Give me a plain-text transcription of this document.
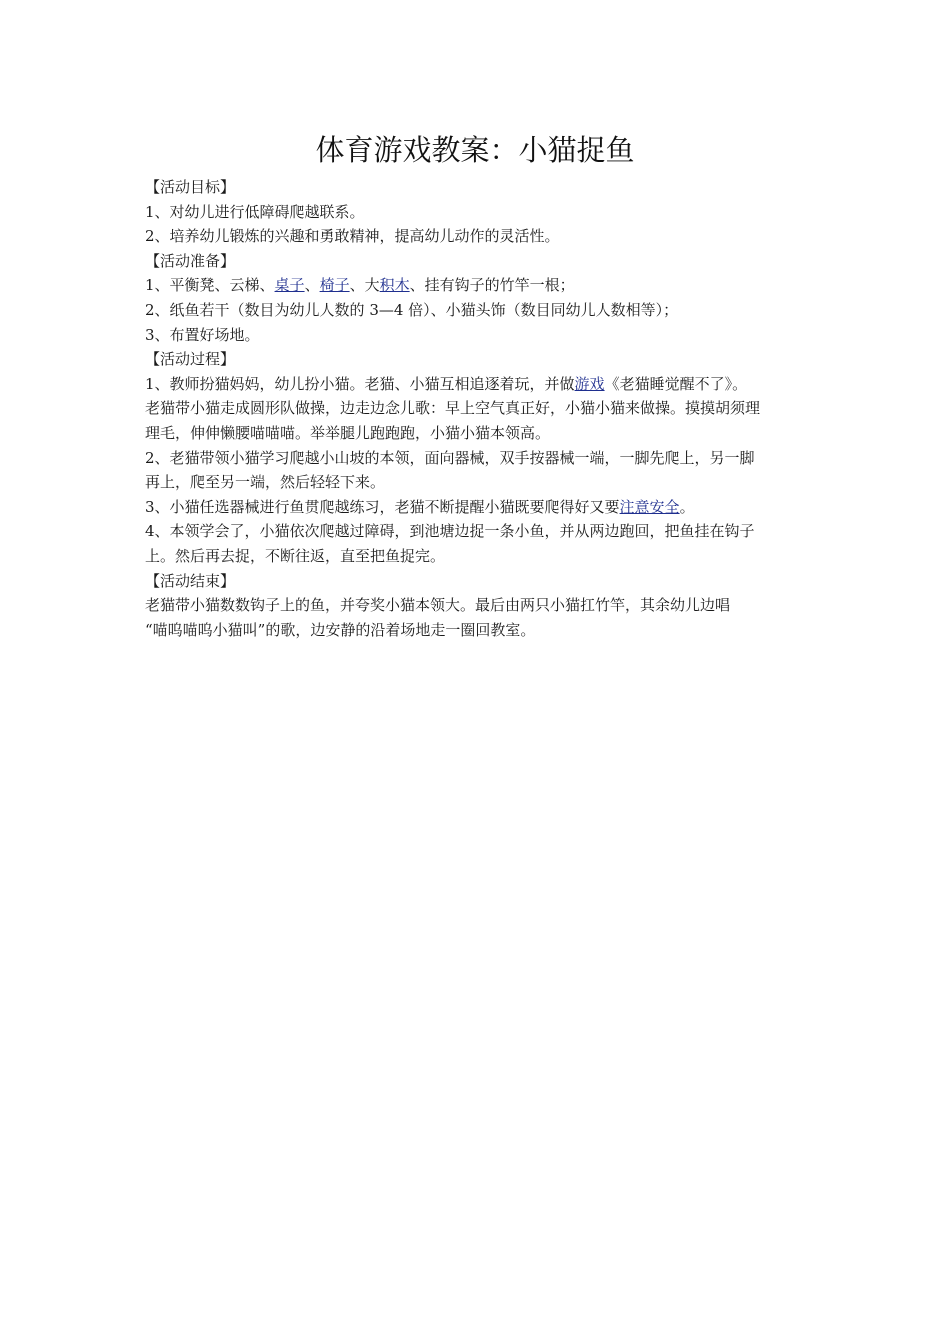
体育游戏教案：小猫捉鱼
【活动目标】
1、对幼儿进行低障碍爬越联系。
2、培养幼儿锻炼的兴趣和勇敢精神，提高幼儿动作的灵活性。
【活动准备】
1、平衡凳、云梯、桌子、椅子、大积木、挂有钩子的竹竿一根；
2、纸鱼若干（数目为幼儿人数的 3—4 倍）、小猫头饰（数目同幼儿人数相等）；
3、布置好场地。
【活动过程】
1、教师扮猫妈妈，幼儿扮小猫。老猫、小猫互相追逐着玩，并做游戏《老猫睡觉醒不了》。
老猫带小猫走成圆形队做操，边走边念儿歌：早上空气真正好，小猫小猫来做操。摸摸胡须理
理毛，伸伸懒腰喵喵喵。举举腿儿跑跑跑，小猫小猫本领高。
2、老猫带领小猫学习爬越小山坡的本领，面向器械，双手按器械一端，一脚先爬上，另一脚
再上，爬至另一端，然后轻轻下来。
3、小猫任选器械进行鱼贯爬越练习，老猫不断提醒小猫既要爬得好又要注意安全。
4、本领学会了，小猫依次爬越过障碍，到池塘边捉一条小鱼，并从两边跑回，把鱼挂在钩子
上。然后再去捉，不断往返，直至把鱼捉完。
【活动结束】
老猫带小猫数数钩子上的鱼，并夸奖小猫本领大。最后由两只小猫扛竹竿，其余幼儿边唱
“喵呜喵呜小猫叫”的歌，边安静的沿着场地走一圈回教室。
